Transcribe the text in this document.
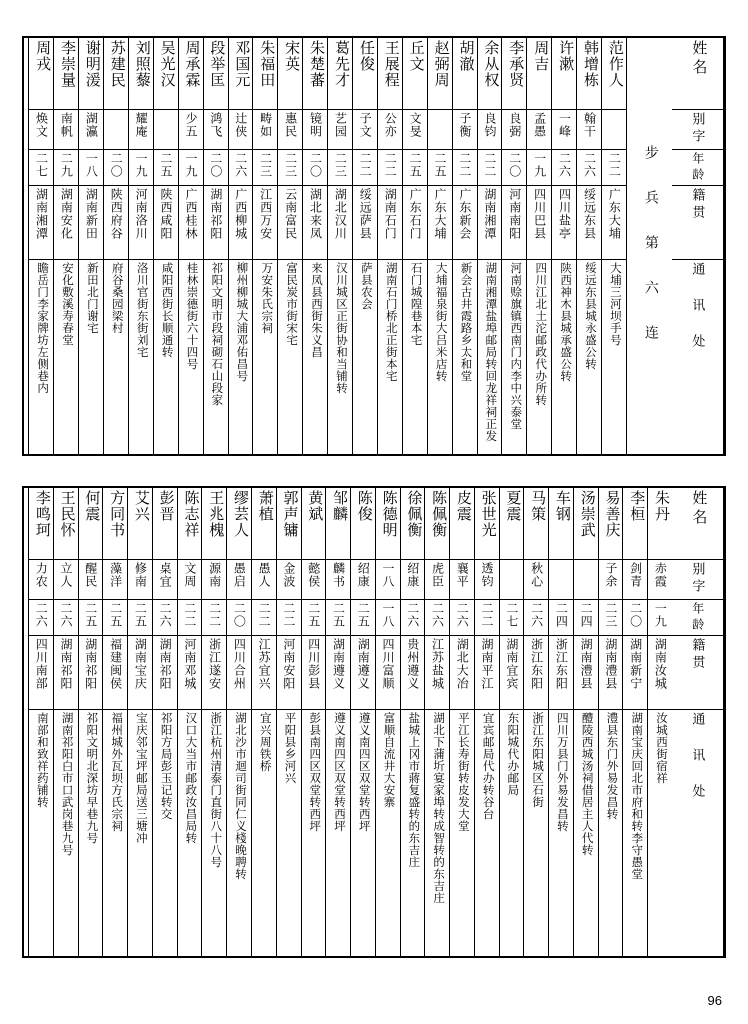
姓名
别字
年龄
籍贯
通 讯 处
步 兵 第 六 连
范作人
二二
广东大埔
大埔三河坝手号
韩增栋
翰干
二六
绥远东县
绥远东县城永盛公转
许漱
一峰
二六
四川盐亭
陕西神木县城承盛公转
周吉
孟愚
一九
四川巴县
四川江北土沱邮政代办所转
李承贤
良弼
二〇
河南南阳
河南赊旗镇西南门内李中兴泰堂
余从权
良钧
二二
湖南湘潭
湖南湘潭盐埠邮局转回龙祥祠正发
胡澈
子衡
二二
广东新会
新会古井霞路乡太和堂
赵弼周
二五
广东大埔
大埔福泉街大吕米店转
丘文
文旻
二五
广东石门
石门城隍巷本宅
王展程
公亦
二二
湖南石门
湖南石门桥北正街本宅
任俊
子文
二二
绥远萨县
萨县农会
葛先才
艺园
二三
湖北汉川
汉川城区正街协和当铺转
朱楚蕃
镜明
二〇
湖北来凤
来凤县西街朱义昌
宋英
惠民
二三
云南富民
富民炭市街宋宅
朱福田
畴如
二三
江西万安
万安朱氏宗祠
邓国元
辻侠
二六
广西柳城
柳州柳城大浦邓佑昌号
段举匡
鸿飞
二〇
湖南祁阳
祁阳文明市段祠砌石山段家
周承霖
少五
一九
广西桂林
桂林崇德街六十四号
吴光汉
二五
陕西咸阳
咸阳西街长顺通转
刘照藜
耀庵
一九
河南洛川
洛川官街东街刘宅
苏建民
二〇
陕西府谷
府谷桑园梁村
谢明湲
湖瀛
一八
湖南新田
新田北门谢宅
李崇量
南帆
二九
湖南安化
安化敷溪寿春堂
周戎
焕文
二七
湖南湘潭
瞻岳门李家牌坊左侧巷内
姓名
别字
年龄
籍贯
通 讯 处
朱丹
赤霞
一九
湖南汝城
汝城西街宿祥
李桓
剑青
二〇
湖南新宁
湖南宝庆回北市府和转李守愚堂
易善庆
子余
二三
湖南澧县
澧县东门外易发昌转
汤崇武
二四
湖南澧县
醴陵西城汤祠借居主人代转
车钢
二四
浙江东阳
四川万县门外易发昌转
马策
秋心
二六
浙江东阳
浙江东阳城区石街
夏震
二七
湖南宜宾
东阳城代办邮局
张世光
透钧
二二
湖南平江
宜宾邮局代办转谷台
皮震
襄平
二六
湖北大冶
平江长寿街转皮发大堂
陈佩衡
虎臣
二六
江苏盐城
湖北下蒲圻宴家埠转成智转的东吉庄
徐佩衡
绍康
二六
贵州遵义
盐城上冈市蔣复盛转的东吉庄
陈德明
一八
一八
四川富顺
富顺自流井大安寨
陈俊
绍康
二五
湖南遵义
遵义南四区双堂转西坪
邹麟
麟书
二五
湖南遵义
遵义南四区双堂转西坪
黄斌
懿侯
二五
四川彭县
彭县南四区双堂转西坪
郭声镛
金波
二二
河南安阳
平阳县乡河兴
萧植
愚人
二二
江苏宜兴
宜兴周铁桥
缪芸人
愚启
二〇
四川合州
湖北沙市迴司街同仁义棧晚聘转
王兆槐
源南
二二
浙江遂安
浙江杭州清泰门直街八十八号
陈志祥
文周
二二
河南邓城
汉口大当市邮政汝昌局转
彭晋
桌宜
二六
湖南祁阳
祁阳方局彭玉记转交
艾兴
修南
二五
湖南宝庆
宝庆邻宝坪邮局送三塘冲
方同书
藻洋
二五
福建闽侯
福州城外瓦坝方氏宗祠
何震
醒民
二五
湖南祁阳
祁阳文明北深坊早巷九号
王民怀
立人
二六
湖南祁阳
湖南祁阳白市口武岗巷九号
李鸣珂
力农
二六
四川南部
南部和致祥药铺转
96
